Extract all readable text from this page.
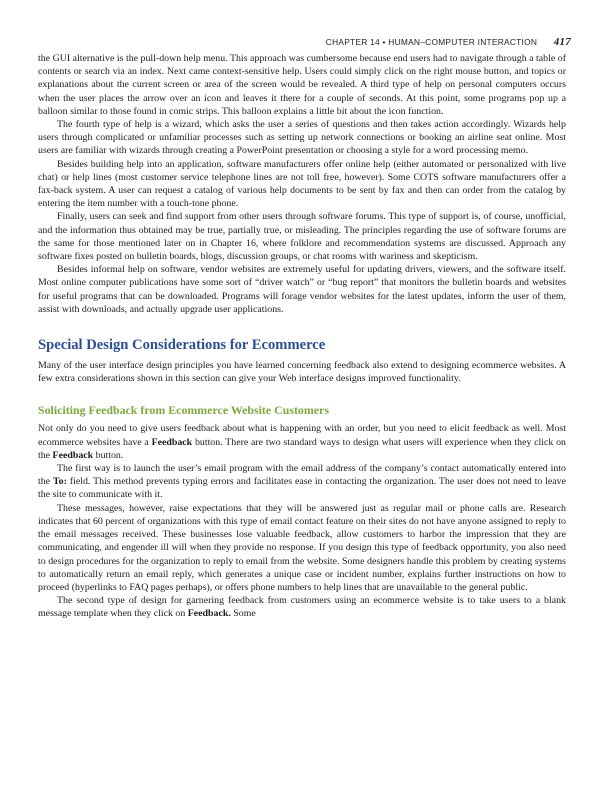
CHAPTER 14 • HUMAN–COMPUTER INTERACTION 417

the GUI alternative is the pull-down help menu. This approach was cumbersome because end users had to navigate through a table of contents or search via an index. Next came context-sensitive help. Users could simply click on the right mouse button, and topics or explanations about the current screen or area of the screen would be revealed. A third type of help on personal computers occurs when the user places the arrow over an icon and leaves it there for a couple of seconds. At this point, some programs pop up a balloon similar to those found in comic strips. This balloon explains a little bit about the icon function.

The fourth type of help is a wizard, which asks the user a series of questions and then takes action accordingly. Wizards help users through complicated or unfamiliar processes such as setting up network connections or booking an airline seat online. Most users are familiar with wizards through creating a PowerPoint presentation or choosing a style for a word processing memo.

Besides building help into an application, software manufacturers offer online help (either automated or personalized with live chat) or help lines (most customer service telephone lines are not toll free, however). Some COTS software manufacturers offer a fax-back system. A user can request a catalog of various help documents to be sent by fax and then can order from the catalog by entering the item number with a touch-tone phone.

Finally, users can seek and find support from other users through software forums. This type of support is, of course, unofficial, and the information thus obtained may be true, partially true, or misleading. The principles regarding the use of software forums are the same for those mentioned later on in Chapter 16, where folklore and recommendation systems are discussed. Approach any software fixes posted on bulletin boards, blogs, discussion groups, or chat rooms with wariness and skepticism.

Besides informal help on software, vendor websites are extremely useful for updating drivers, viewers, and the software itself. Most online computer publications have some sort of “driver watch” or “bug report” that monitors the bulletin boards and websites for useful programs that can be downloaded. Programs will forage vendor websites for the latest updates, inform the user of them, assist with downloads, and actually upgrade user applications.

Special Design Considerations for Ecommerce

Many of the user interface design principles you have learned concerning feedback also extend to designing ecommerce websites. A few extra considerations shown in this section can give your Web interface designs improved functionality.

Soliciting Feedback from Ecommerce Website Customers

Not only do you need to give users feedback about what is happening with an order, but you need to elicit feedback as well. Most ecommerce websites have a Feedback button. There are two standard ways to design what users will experience when they click on the Feedback button.

The first way is to launch the user’s email program with the email address of the company’s contact automatically entered into the To: field. This method prevents typing errors and facilitates ease in contacting the organization. The user does not need to leave the site to communicate with it.

These messages, however, raise expectations that they will be answered just as regular mail or phone calls are. Research indicates that 60 percent of organizations with this type of email contact feature on their sites do not have anyone assigned to reply to the email messages received. These businesses lose valuable feedback, allow customers to harbor the impression that they are communicating, and engender ill will when they provide no response. If you design this type of feedback opportunity, you also need to design procedures for the organization to reply to email from the website. Some designers handle this problem by creating systems to automatically return an email reply, which generates a unique case or incident number, explains further instructions on how to proceed (hyperlinks to FAQ pages perhaps), or offers phone numbers to help lines that are unavailable to the general public.

The second type of design for garnering feedback from customers using an ecommerce website is to take users to a blank message template when they click on Feedback. Some
